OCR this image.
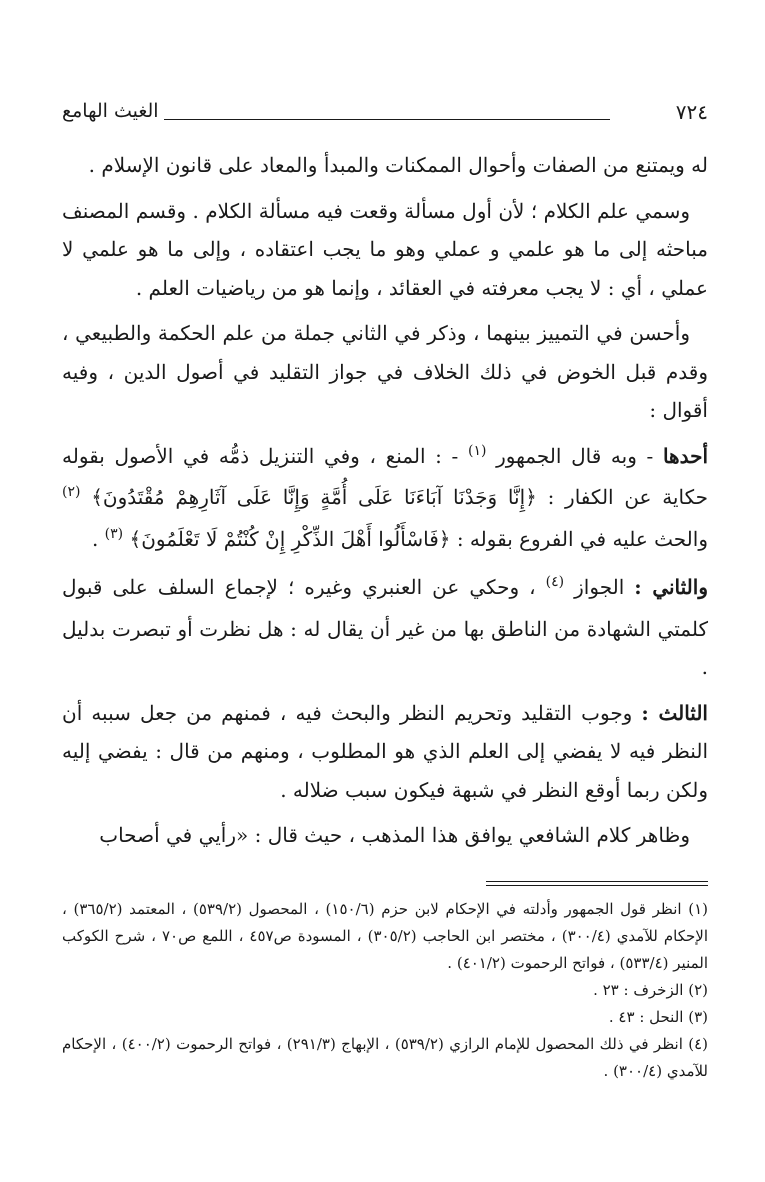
٧٢٤
الغيث الهامع

له ويمتنع من الصفات وأحوال الممكنات والمبدأ والمعاد على قانون الإسلام .

وسمي علم الكلام ؛ لأن أول مسألة وقعت فيه مسألة الكلام . وقسم المصنف مباحثه إلى ما هو علمي و عملي وهو ما يجب اعتقاده ، وإلى ما هو علمي لا عملي ، أي : لا يجب معرفته في العقائد ، وإنما هو من رياضيات العلم .

وأحسن في التمييز بينهما ، وذكر في الثاني جملة من علم الحكمة والطبيعي ، وقدم قبل الخوض في ذلك الخلاف في جواز التقليد في أصول الدين ، وفيه أقوال :

أحدها - وبه قال الجمهور $^{(١)}$ - : المنع ، وفي التنزيل ذمُّه في الأصول بقوله حكاية عن الكفار : ﴿إِنَّا وَجَدْنَا آبَاءَنَا عَلَى أُمَّةٍ وَإِنَّا عَلَى آثَارِهِمْ مُقْتَدُونَ﴾ $^{(٢)}$ والحث عليه في الفروع بقوله : ﴿فَاسْأَلُوا أَهْلَ الذِّكْرِ إِنْ كُنْتُمْ لَا تَعْلَمُونَ﴾ $^{(٣)}$ .

والثاني : الجواز $^{(٤)}$ ، وحكي عن العنبري وغيره ؛ لإجماع السلف على قبول كلمتي الشهادة من الناطق بها من غير أن يقال له : هل نظرت أو تبصرت بدليل .

الثالث : وجوب التقليد وتحريم النظر والبحث فيه ، فمنهم من جعل سببه أن النظر فيه لا يفضي إلى العلم الذي هو المطلوب ، ومنهم من قال : يفضي إليه ولكن ربما أوقع النظر في شبهة فيكون سبب ضلاله .

وظاهر كلام الشافعي يوافق هذا المذهب ، حيث قال : «رأيي في أصحاب

(١) انظر قول الجمهور وأدلته في الإحكام لابن حزم (١٥٠/٦) ، المحصول (٥٣٩/٢) ، المعتمد (٣٦٥/٢) ، الإحكام للآمدي (٣٠٠/٤) ، مختصر ابن الحاجب (٣٠٥/٢) ، المسودة ص٤٥٧ ، اللمع ص٧٠ ، شرح الكوكب المنير (٥٣٣/٤) ، فواتح الرحموت (٤٠١/٢) .

(٢) الزخرف : ٢٣ .

(٣) النحل : ٤٣ .

(٤) انظر في ذلك المحصول للإمام الرازي (٥٣٩/٢) ، الإبهاج (٢٩١/٣) ، فواتح الرحموت (٤٠٠/٢) ، الإحكام للآمدي (٣٠٠/٤) .
